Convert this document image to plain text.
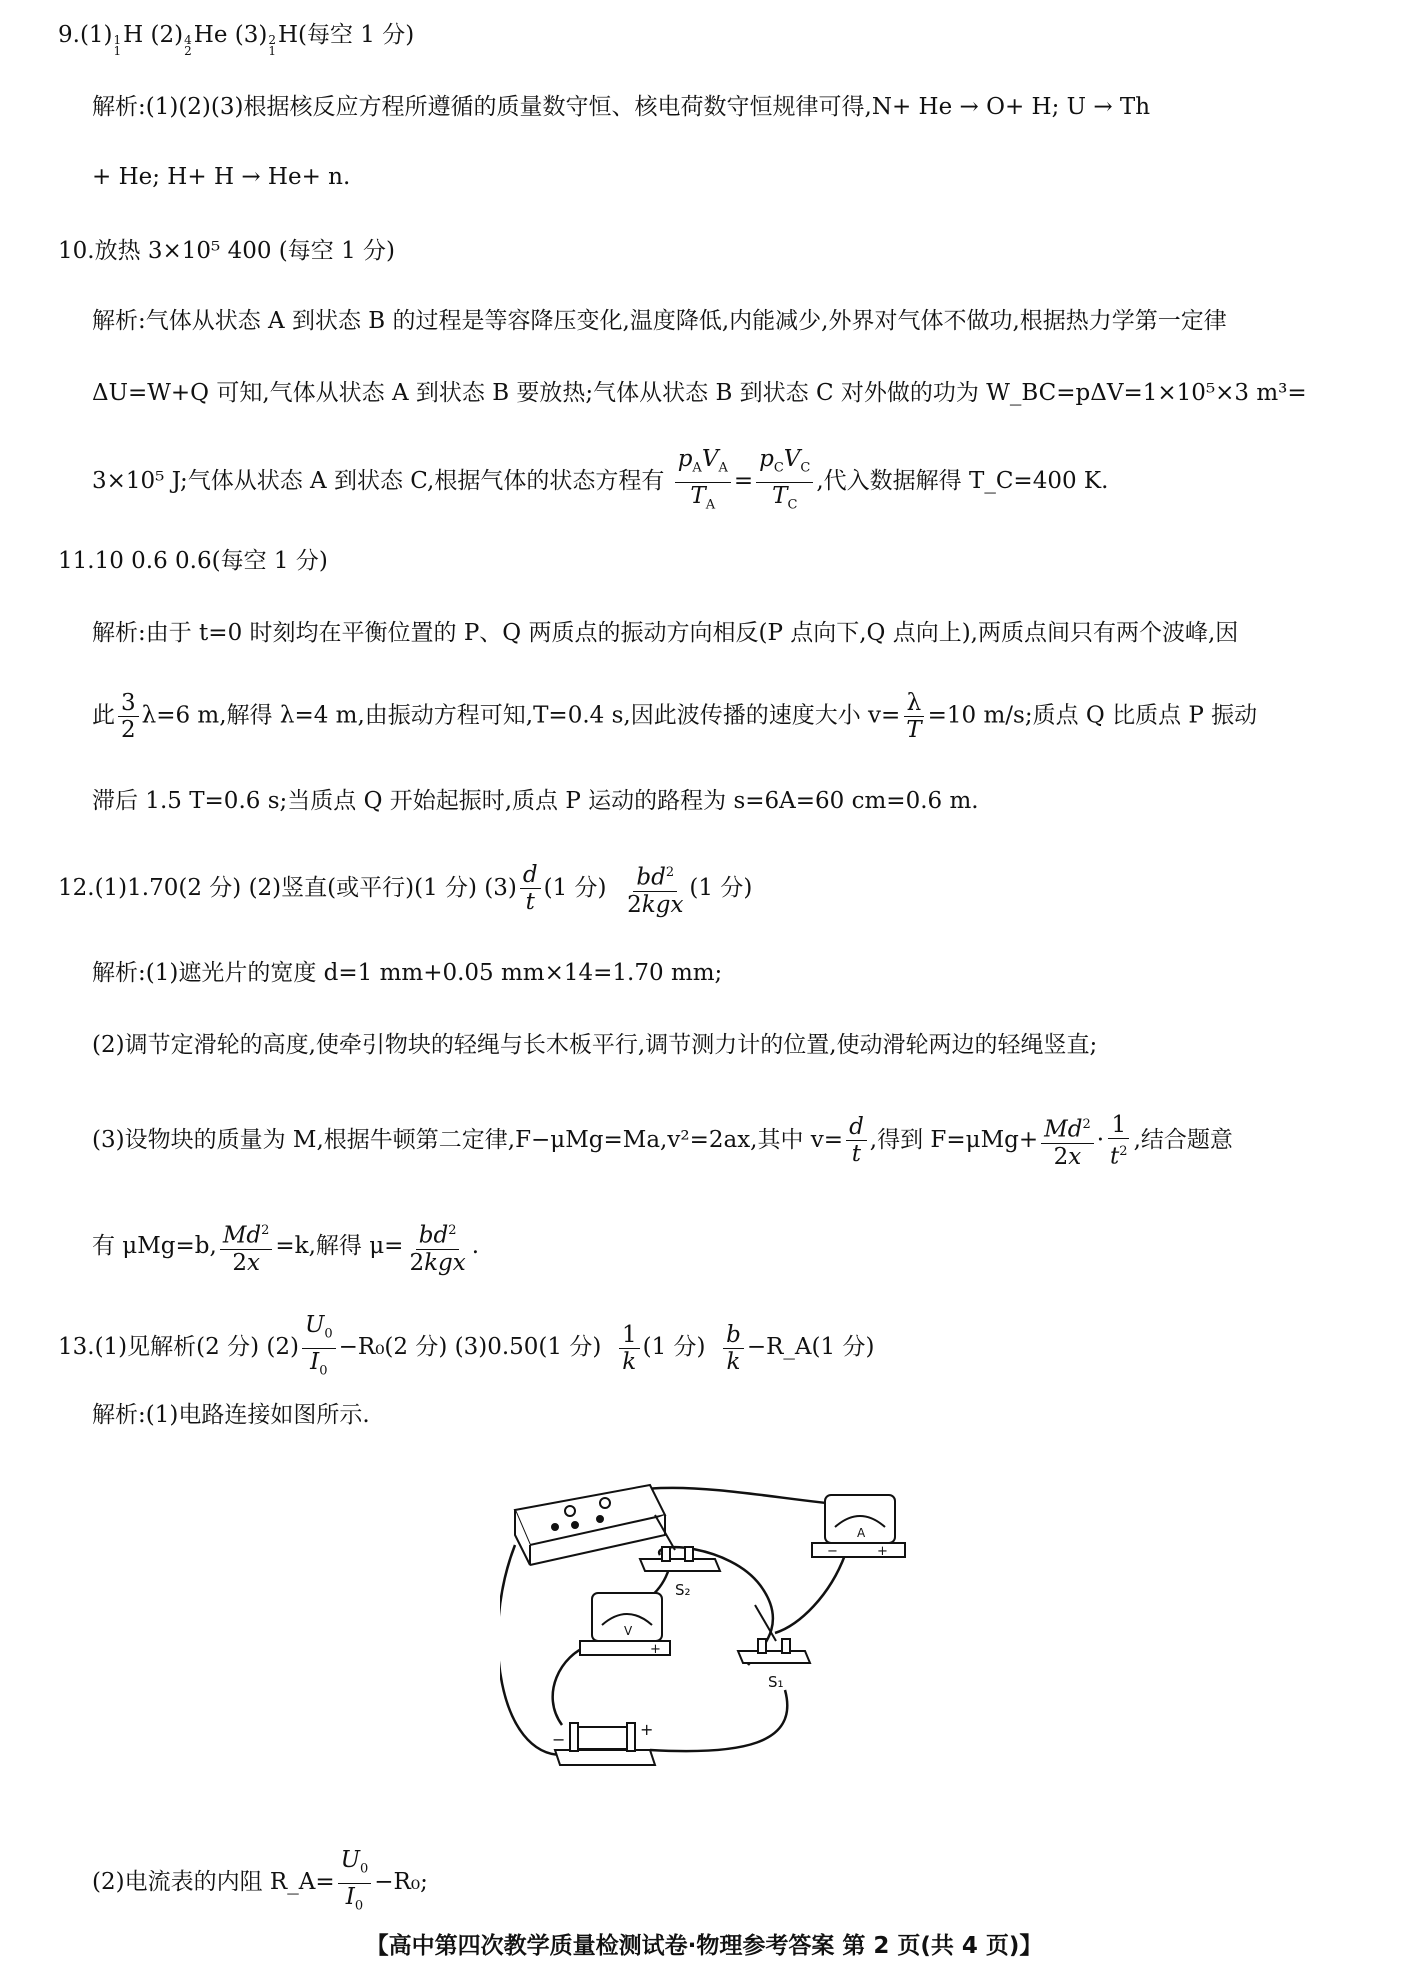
9.(1) 1
1
H (2) 4
2
He (3) 2
1
H(每空 1 分)
解析:(1)(2)(3)根据核反应方程所遵循的质量数守恒、核电荷数守恒规律可得,N+ He → O+ H; U → Th
+ He; H+ H → He+ n.
10.放热 3×10⁵ 400 (每空 1 分)
解析:气体从状态 A 到状态 B 的过程是等容降压变化,温度降低,内能减少,外界对气体不做功,根据热力学第一定律
ΔU=W+Q 可知,气体从状态 A 到状态 B 要放热;气体从状态 B 到状态 C 对外做的功为 W_BC=pΔV=1×10⁵×3 m³=
3×10⁵ J;气体从状态 A 到状态 C,根据气体的状态方程有 $\frac{p_AV_A}{T_A} = \frac{p_CV_C}{T_C}$ ,代入数据解得 T_C=400 K.
11.10 0.6 0.6(每空 1 分)
解析:由于 t=0 时刻均在平衡位置的 P、Q 两质点的振动方向相反(P 点向下,Q 点向上),两质点间只有两个波峰,因
此 $\frac{3}{2} \lambda=6$ m,解得 λ=4 m,由振动方程可知,T=0.4 s,因此波传播的速度大小 $v= \frac{\lambda}{T} =10$ m/s;质点 Q 比质点 P 振动
滞后 1.5 T=0.6 s;当质点 Q 开始起振时,质点 P 运动的路程为 s=6A=60 cm=0.6 m.
12.(1)1.70(2 分) (2)竖直(或平行)(1 分) $(3) \frac{d}{t} (1$ 分) $\frac{bd^2}{\text{2kgx}} (1$ 分)
解析:(1)遮光片的宽度 d=1 mm+0.05 mm×14=1.70 mm;
(2)调节定滑轮的高度,使牵引物块的轻绳与长木板平行,调节测力计的位置,使动滑轮两边的轻绳竖直;
(3)设物块的质量为 M,根据牛顿第二定律,F−μMg=Ma,v²=2ax,其中 $v= \frac{d}{t}$ ,得到 $F=\mu Mg+ \frac{Md^2}{2x} \cdot \frac{1}{t^2}$ ,结合题意
有 μMg=b, $\frac{Md^2}{2x} =k$,解得 $\mu= \frac{bd^2}{\text{2kgx}}$ .
13.(1)见解析(2 分) $(2) \frac{U_0}{I_0} -R_0(2$ 分) (3)0.50(1 分) $\frac{1}{k} (1$ 分) $\frac{b}{k}$ −R_A(1 分)
解析:(1)电路连接如图所示.
A
−	+
S₂
S₁
V
+
−
+
(2)电流表的内阻 R_A= $\frac{U_0}{I_0} -R_0$;
【高中第四次教学质量检测试卷·物理参考答案 第 2 页(共 4 页)】
